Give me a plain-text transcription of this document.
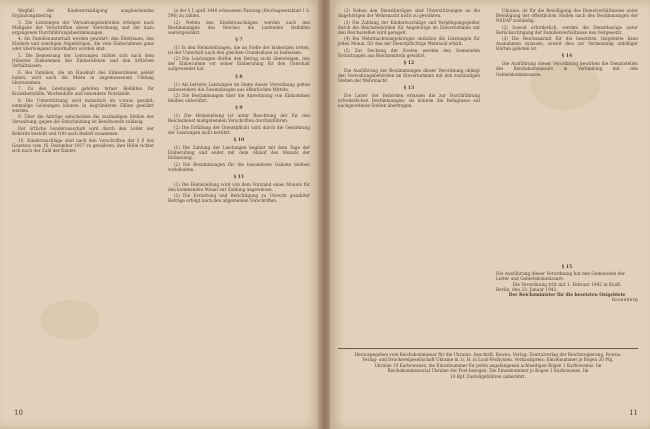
Wegfall der Kinderermäßigung ausgleichenden Ergänzungsbetrag.

3. Die Leistungen der Verwaltungsbehörden erfolgen nach Maßgabe der Vorschriften dieser Verordnung und der dazu ergangenen Durchführungsbestimmungen.

4. Als Familienunterhalt werden gewährt: den Ehefrauen, den Kindern und sonstigen Angehörigen, die vom Einberufenen ganz oder überwiegend unterhalten worden sind.

5. Die Bemessung der Leistungen richtet sich nach dem früheren Einkommen des Einberufenen und den örtlichen Verhältnissen.

6. Bei Familien, die im Haushalt des Einberufenen gelebt haben, wird auch die Miete in angemessenem Umfang übernommen.

7. Zu den Leistungen gehören ferner Beihilfen für Krankheitsfälle, Wochenhilfe und besondere Notstände.

8. Die Unterstützung wird monatlich im voraus gezahlt; einmalige Leistungen können in begründeten Fällen gewährt werden.

9. Über die Anträge entscheiden die zuständigen Stellen der Verwaltung; gegen die Entscheidung ist Beschwerde zulässig.

Der örtliche Sonderausschuß wird durch den Leiter der Behörde bestellt und tritt nach Bedarf zusammen.

10. Kinderzuschläge sind nach den Vorschriften der § 6 des Gesetzes vom 16. Dezember 1937 zu gewähren; ihre Höhe richtet sich nach der Zahl der Kinder.

in der § 1 april 1940 erlassenen Fassung (Reichsgesetzblatt I S. 596) zu zahlen.

(2) Neben den Kinderzuschlägen werden nach den Bestimmungen des Reiches die laufenden Beihilfen weitergewährt.

§ 7

(1) In den Heimstellungen, die an Stelle der bisherigen treten, ist der Unterhalt nach den gleichen Grundsätzen zu bemessen.

(2) Die Leistungen dürfen den Betrag nicht übersteigen, den der Einberufene vor seiner Einberufung für den Unterhalt aufgewendet hat.

§ 8

(1) Als befreite Leistungen im Sinne dieser Verordnung gelten insbesondere die Zuwendungen aus öffentlichen Mitteln.

(2) Die Bestimmungen über die Anrechnung von Einkommen bleiben unberührt.

§ 9

(1) Die Heimstellung ist unter Beachtung der für den Reichsdienst maßgebenden Vorschriften durchzuführen.

(2) Die Erfüllung der Dienstpflicht wird durch die Gewährung der Leistungen nicht berührt.

§ 10

(1) Die Zahlung der Leistungen beginnt mit dem Tage der Einberufung und endet mit dem Ablauf des Monats der Entlassung.

(2) Die Bestimmungen für die besonderen Gebiete bleiben vorbehalten.

§ 11

(1) Die Heimstellung wird von dem Vorstand eines Monats für den kommenden Monat zur Zahlung angewiesen.

(2) Die Erstattung und Berichtigung zu Unrecht gezahlter Beträge erfolgt nach den allgemeinen Vorschriften.

10

(2) Neben den Dienstbezügen sind Unterstützungen an die Angehörigen der Wehrmacht nicht zu gewähren.

(3) Die Zahlung der Kinderzuschläge und Verpflegungsgelder durch die Reichsbehörden für Angehörige im Einvernehmen mit den Reichsstellen wird geregelt.

(4) Bei Wehrmachtsangehörigen entfallen die Leistungen für jeden Monat, für den der Dienstpflichtige Wehrsold erhält.

(5) Zur Deckung der Kosten werden den Gemeinden Erstattungen aus Reichsmitteln gewährt.

§ 12

Die Ausführung der Bestimmungen dieser Verordnung obliegt den Verwaltungsbehörden im Einvernehmen mit den zuständigen Stellen der Wehrmacht.

§ 13

Die Leiter der Behörden erlassen die zur Durchführung erforderlichen Bestimmungen; sie können die Befugnisse auf nachgeordnete Stellen übertragen.

Ukraine, ist für die Bewilligung des Dienstverhältnisses unter Beteiligung der öffentlichen Stellen nach den Bestimmungen der NSDAP zuständig.

(2) Soweit erforderlich, werden die Dienstbezüge unter Berücksichtigung der Familienverhältnisse neu festgesetzt.

(3) Die Reichsanstalt für die besetzten Ostgebiete kann Ausnahmen zulassen, soweit dies zur Vermeidung unbilliger Härten geboten ist.

§ 14

Die Ausführung dieser Verordnung bewirken die Dienststellen des Reichskommissars in Verbindung mit den Gebietskommissaren.

§ 15
Die Ausführung dieser Verordnung hat den Gemeinden der Leiter und Gebietskommissare.
Die Verordnung tritt mit 1. Februar 1942 in Kraft.
Berlin, den 23. Januar 1942.
Der Reichsminister für die besetzten Ostgebiete
Rosenberg
Herausgegeben vom Reichskommissar für die Ukraine. Anschrift: Rowno, Verlag: Zentralverlag der Reichsregierung, Rowno.
Verlag- und Druckereigesellschaft Ukraine m. b. H. in Luck-Wolhynien. Verkaufspreis: Einzelnummer je Bogen 20 Pfg.
Ukraine 10 Karbowanez, die Einzelnummer für jeden angefangenen achtseitigen Bogen 1 Karbowanez. Im
Reichskommissariat Ukraine der Post bezogen. Die Einzelnummer je Bogen 1 Karbowanez. Im
10 Rpf. Zustellgebühren unberührt.
11
